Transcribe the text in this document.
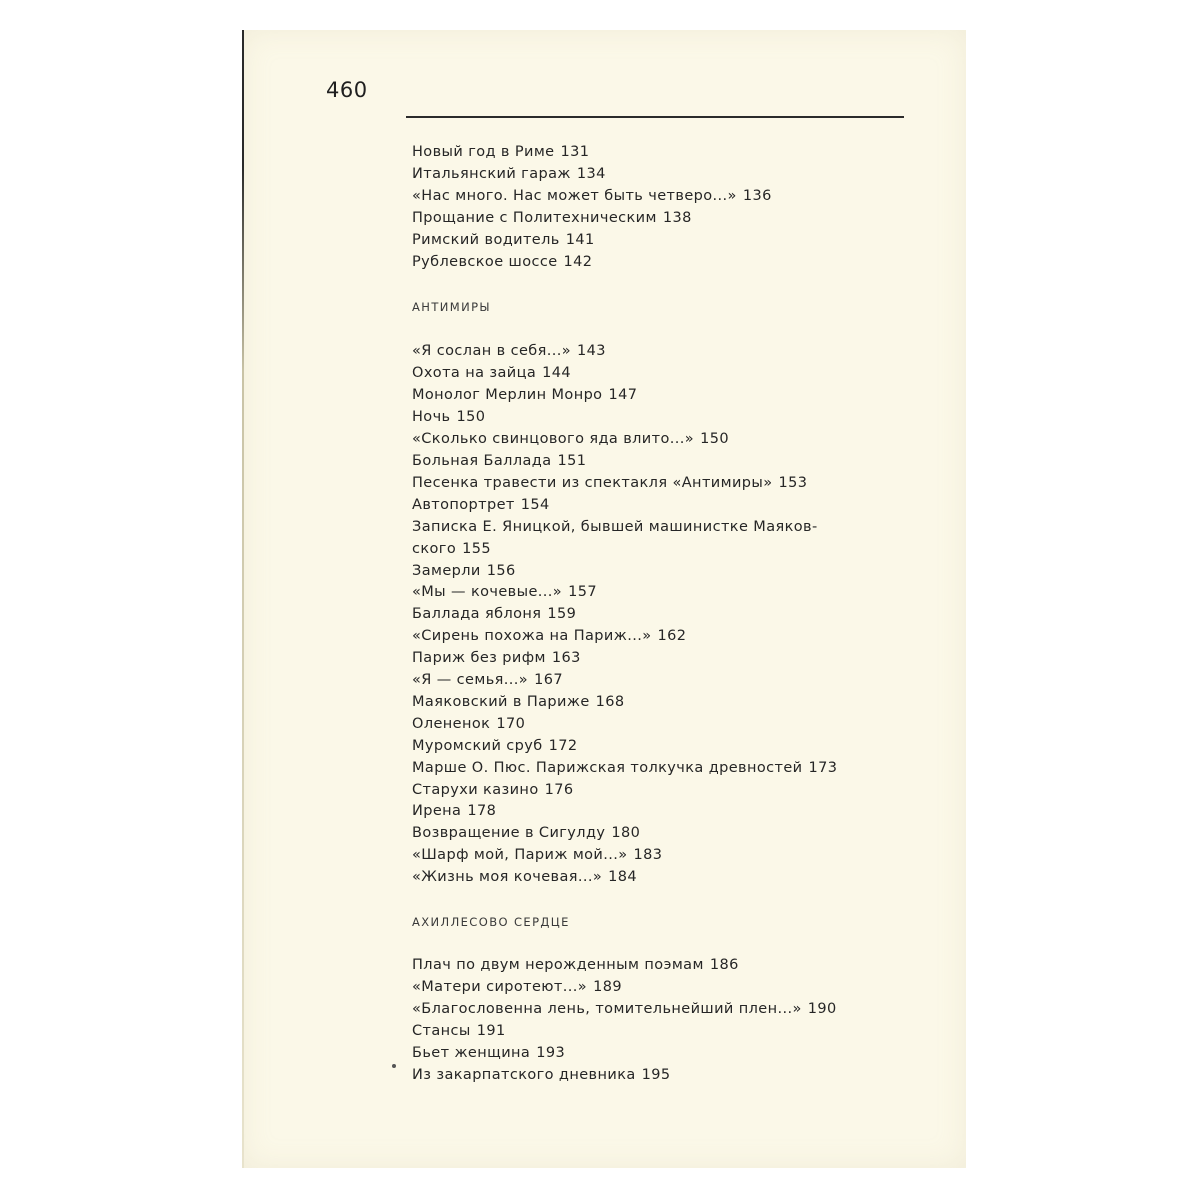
460
Новый год в Риме 131
Итальянский гараж 134
«Нас много. Нас может быть четверо...» 136
Прощание с Политехническим 138
Римский водитель 141
Рублевское шоссе 142
АНТИМИРЫ
«Я сослан в себя...» 143
Охота на зайца 144
Монолог Мерлин Монро 147
Ночь 150
«Сколько свинцового яда влито...» 150
Больная Баллада 151
Песенка травести из спектакля «Антимиры» 153
Автопортрет 154
Записка Е. Яницкой, бывшей машинистке Маяков-
ского 155
Замерли 156
«Мы — кочевые...» 157
Баллада яблоня 159
«Сирень похожа на Париж...» 162
Париж без рифм 163
«Я — семья...» 167
Маяковский в Париже 168
Олененок 170
Муромский сруб 172
Марше О. Пюс. Парижская толкучка древностей 173
Старухи казино 176
Ирена 178
Возвращение в Сигулду 180
«Шарф мой, Париж мой...» 183
«Жизнь моя кочевая...» 184
АХИЛЛЕСОВО СЕРДЦЕ
Плач по двум нерожденным поэмам 186
«Матери сиротеют...» 189
«Благословенна лень, томительнейший плен...» 190
Стансы 191
Бьет женщина 193
Из закарпатского дневника 195
